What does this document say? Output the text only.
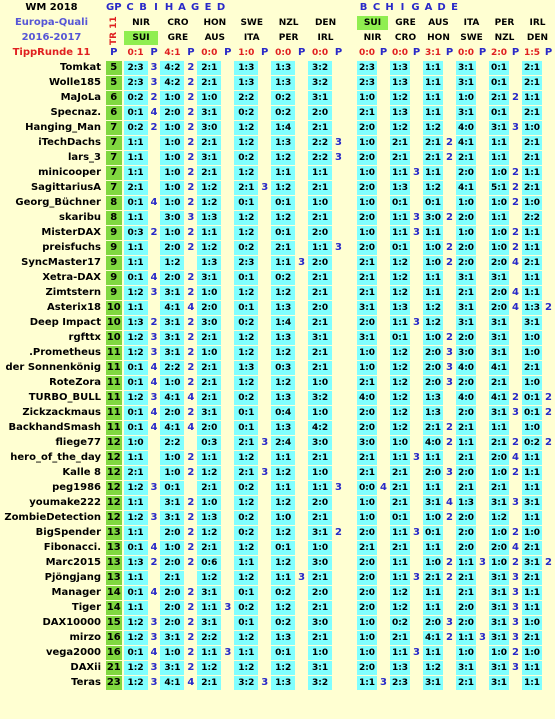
WM 2018	GP	C B I H A G E D													B C H I G A D E											
Europa-Quali	TR 11	NIR		CRO		HON		SWE		NZL		DEN			SUI		GRE		AUS		ITA		PER		IRL	
2016-2017		SUI		GRE		AUS		ITA		PER		IRL			NIR		CRO		HON		SWE		NZL		DEN	
TippRunde 11	P	0:1	P	4:1	P	0:0	P	1:0	P	0:0	P	0:0	P		0:0	P	0:0	P	3:1	P	0:0	P	2:0	P	1:5	P
Tomkat	5	2:3	3	4:2	2	2:1		1:3		1:3		3:2			2:3		1:3		1:1		3:1		0:1		2:1	
Wolle185	5	2:3	3	4:2	2	2:1		1:3		1:3		3:2			2:3		1:3		1:1		3:1		0:1		2:1	
MaJoLa	6	0:2	2	1:0	2	1:0		2:2		0:2		3:1			1:0		1:2		1:1		1:0		2:1	2	1:1	
Specnaz.	6	0:1	4	2:0	2	3:1		0:2		0:2		2:0			2:1		1:3		1:1		3:1		0:1		2:1	
Hanging_Man	7	0:2	2	1:0	2	3:0		1:2		1:4		2:1			2:0		1:2		1:2		4:0		3:1	3	1:0	
iTechDachs	7	1:1		1:0	2	2:1		1:2		1:3		2:2	3		1:0		2:1		2:1	2	4:1		1:1		2:1	
lars_3	7	1:1		1:0	2	3:1		0:2		1:2		2:2	3		2:0		2:1		2:1	2	2:1		1:1		2:1	
minicooper	7	1:1		1:0	2	2:1		1:2		1:1		1:1			1:0		1:1	3	1:1		2:0		1:0	2	1:1	
SagittariusA	7	2:1		1:0	2	1:2		2:1	3	1:2		2:1			2:0		1:3		1:2		4:1		5:1	2	2:1	
Georg_Büchner	8	0:1	4	1:0	2	1:2		0:1		0:1		1:0			1:0		0:1		0:1		1:0		1:0	2	1:0	
skaribu	8	1:1		3:0	3	1:3		1:2		1:2		2:1			2:0		1:1	3	3:0	2	2:0		1:1		2:2	
MisterDAX	9	0:3	2	1:0	2	1:1		1:2		0:1		2:0			1:0		1:1	3	1:1		1:0		1:0	2	1:1	
preisfuchs	9	1:1		2:0	2	1:2		0:2		2:1		1:1	3		2:0		0:1		1:0	2	2:0		1:0	2	1:1	
SyncMaster17	9	1:1		1:2		1:3		2:3		1:1	3	2:0			2:1		1:2		1:0	2	2:0		2:0	4	2:1	
Xetra-DAX	9	0:1	4	2:0	2	3:1		0:1		0:2		2:1			2:1		1:2		1:1		3:1		3:1		1:1	
Zimtstern	9	1:2	3	3:1	2	1:0		1:2		1:2		2:1			2:1		1:2		1:1		2:1		2:0	4	1:1	
Asterix18	10	1:1		4:1	4	2:0		0:1		1:3		2:0			3:1		1:3		1:2		3:1		2:0	4	1:3	2
Deep Impact	10	1:3	2	3:1	2	3:0		0:2		1:4		2:1			2:0		1:1	3	1:2		3:1		3:1		3:1	
rgfttx	10	1:2	3	3:1	2	2:1		1:2		1:3		3:1			3:1		0:1		1:0	2	2:0		3:1		1:0	
.Prometheus	11	1:2	3	3:1	2	1:0		1:2		1:2		2:1			1:0		1:2		2:0	3	3:0		3:1		1:0	
der Sonnenkönig	11	0:1	4	2:2	2	2:1		1:3		0:3		2:1			1:0		1:2		2:0	3	4:0		4:1		2:1	
RoteZora	11	0:1	4	1:0	2	2:1		1:2		1:2		1:0			2:1		1:2		2:0	3	2:0		2:1		1:0	
TURBO_BULL	11	1:2	3	4:1	4	2:1		0:2		1:3		3:2			4:0		1:2		1:3		4:0		4:1	2	0:1	2
Zickzackmaus	11	0:1	4	2:0	2	3:1		0:1		0:4		1:0			2:0		1:2		1:3		2:0		3:1	3	0:1	2
BackhandSmash	11	0:1	4	4:1	4	2:0		0:1		1:3		4:2			2:0		1:2		2:1	2	2:1		1:1		1:0	
fliege77	12	1:0		2:2		0:3		2:1	3	2:4		3:0			3:0		1:0		4:0	2	1:1		2:1	2	0:2	2
hero_of_the_day	12	1:1		1:0	2	1:1		1:2		1:1		2:1			2:1		1:1	3	1:1		2:1		2:0	4	1:1	
Kalle 8	12	2:1		1:0	2	1:2		2:1	3	1:2		1:0			2:1		2:1		2:0	3	2:0		1:0	2	1:1	
peg1986	12	1:2	3	0:1		2:1		0:2		1:1		1:1	3		0:0	4	2:1		1:1		2:1		2:1		1:1	
youmake222	12	1:1		3:1	2	1:0		1:2		1:2		2:0			1:0		2:1		3:1	4	1:3		3:1	3	3:1	
ZombieDetection	12	1:2	3	3:1	2	1:3		0:2		1:0		2:1			1:0		0:1		1:0	2	2:0		1:2		1:1	
BigSpender	13	1:1		2:0	2	1:2		0:2		1:2		3:1	2		2:0		1:1	3	0:1		2:0		1:0	2	1:0	
Fibonacci.	13	0:1	4	1:0	2	2:1		1:2		0:1		1:0			2:1		2:1		1:1		2:0		2:0	4	2:1	
Marc2015	13	1:3	2	2:0	2	0:6		1:1		1:2		3:0			2:0		1:1		1:0	2	1:1	3	1:0	2	3:1	2
Pjöngjang	13	1:1		2:1		1:2		1:2		1:1	3	2:1			2:0		1:1	3	2:1	2	2:1		3:1	3	2:1	
Manager	14	0:1	4	2:0	2	3:1		0:1		0:2		2:0			2:0		1:2		1:1		2:1		3:1	3	1:1	
Tiger	14	1:1		2:0	2	1:1	3	0:2		1:2		2:1			2:0		1:2		1:1		2:0		3:1	3	1:1	
DAX10000	15	1:2	3	2:0	2	3:1		0:1		0:2		3:0			1:0		0:2		2:0	3	2:0		3:1	3	1:0	
mirzo	16	1:2	3	3:1	2	2:2		1:2		1:3		2:1			1:0		2:1		4:1	2	1:1	3	3:1	3	2:1	
vega2000	16	0:1	4	1:0	2	1:1	3	1:1		0:1		1:0			1:0		1:1	3	1:1		1:0		1:0	2	1:0	
DAXii	21	1:2	3	3:1	2	1:2		1:2		1:2		3:1			2:0		1:3		1:2		3:1		3:1	3	1:1	
Teras	23	1:2	3	4:1	4	2:1		3:2	3	1:3		3:2			1:1	3	2:3		3:1		2:1		3:1		1:1	
